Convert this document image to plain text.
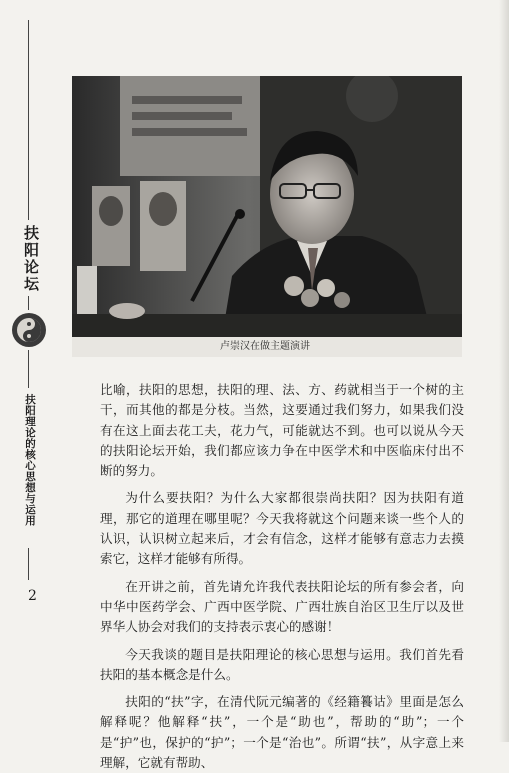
卢崇汉在做主题演讲
扶阳论坛
扶阳理论的核心思想与运用
2

比喻，扶阳的思想，扶阳的理、法、方、药就相当于一个树的主干，而其他的都是分枝。当然，这要通过我们努力，如果我们没有在这上面去花工夫，花力气，可能就达不到。也可以说从今天的扶阳论坛开始，我们都应该力争在中医学术和中医临床付出不断的努力。

为什么要扶阳？为什么大家都很崇尚扶阳？因为扶阳有道理，那它的道理在哪里呢？今天我将就这个问题来谈一些个人的认识，认识树立起来后，才会有信念，这样才能够有意志力去摸索它，这样才能够有所得。

在开讲之前，首先请允许我代表扶阳论坛的所有参会者，向中华中医药学会、广西中医学院、广西壮族自治区卫生厅以及世界华人协会对我们的支持表示衷心的感谢！

今天我谈的题目是扶阳理论的核心思想与运用。我们首先看扶阳的基本概念是什么。

扶阳的“扶”字，在清代阮元编著的《经籍籑诂》里面是怎么解释呢？他解释“扶”，一个是“助也”，帮助的“助”；一个是“护”也，保护的“护”；一个是“治也”。所谓“扶”，从字意上来理解，它就有帮助、
